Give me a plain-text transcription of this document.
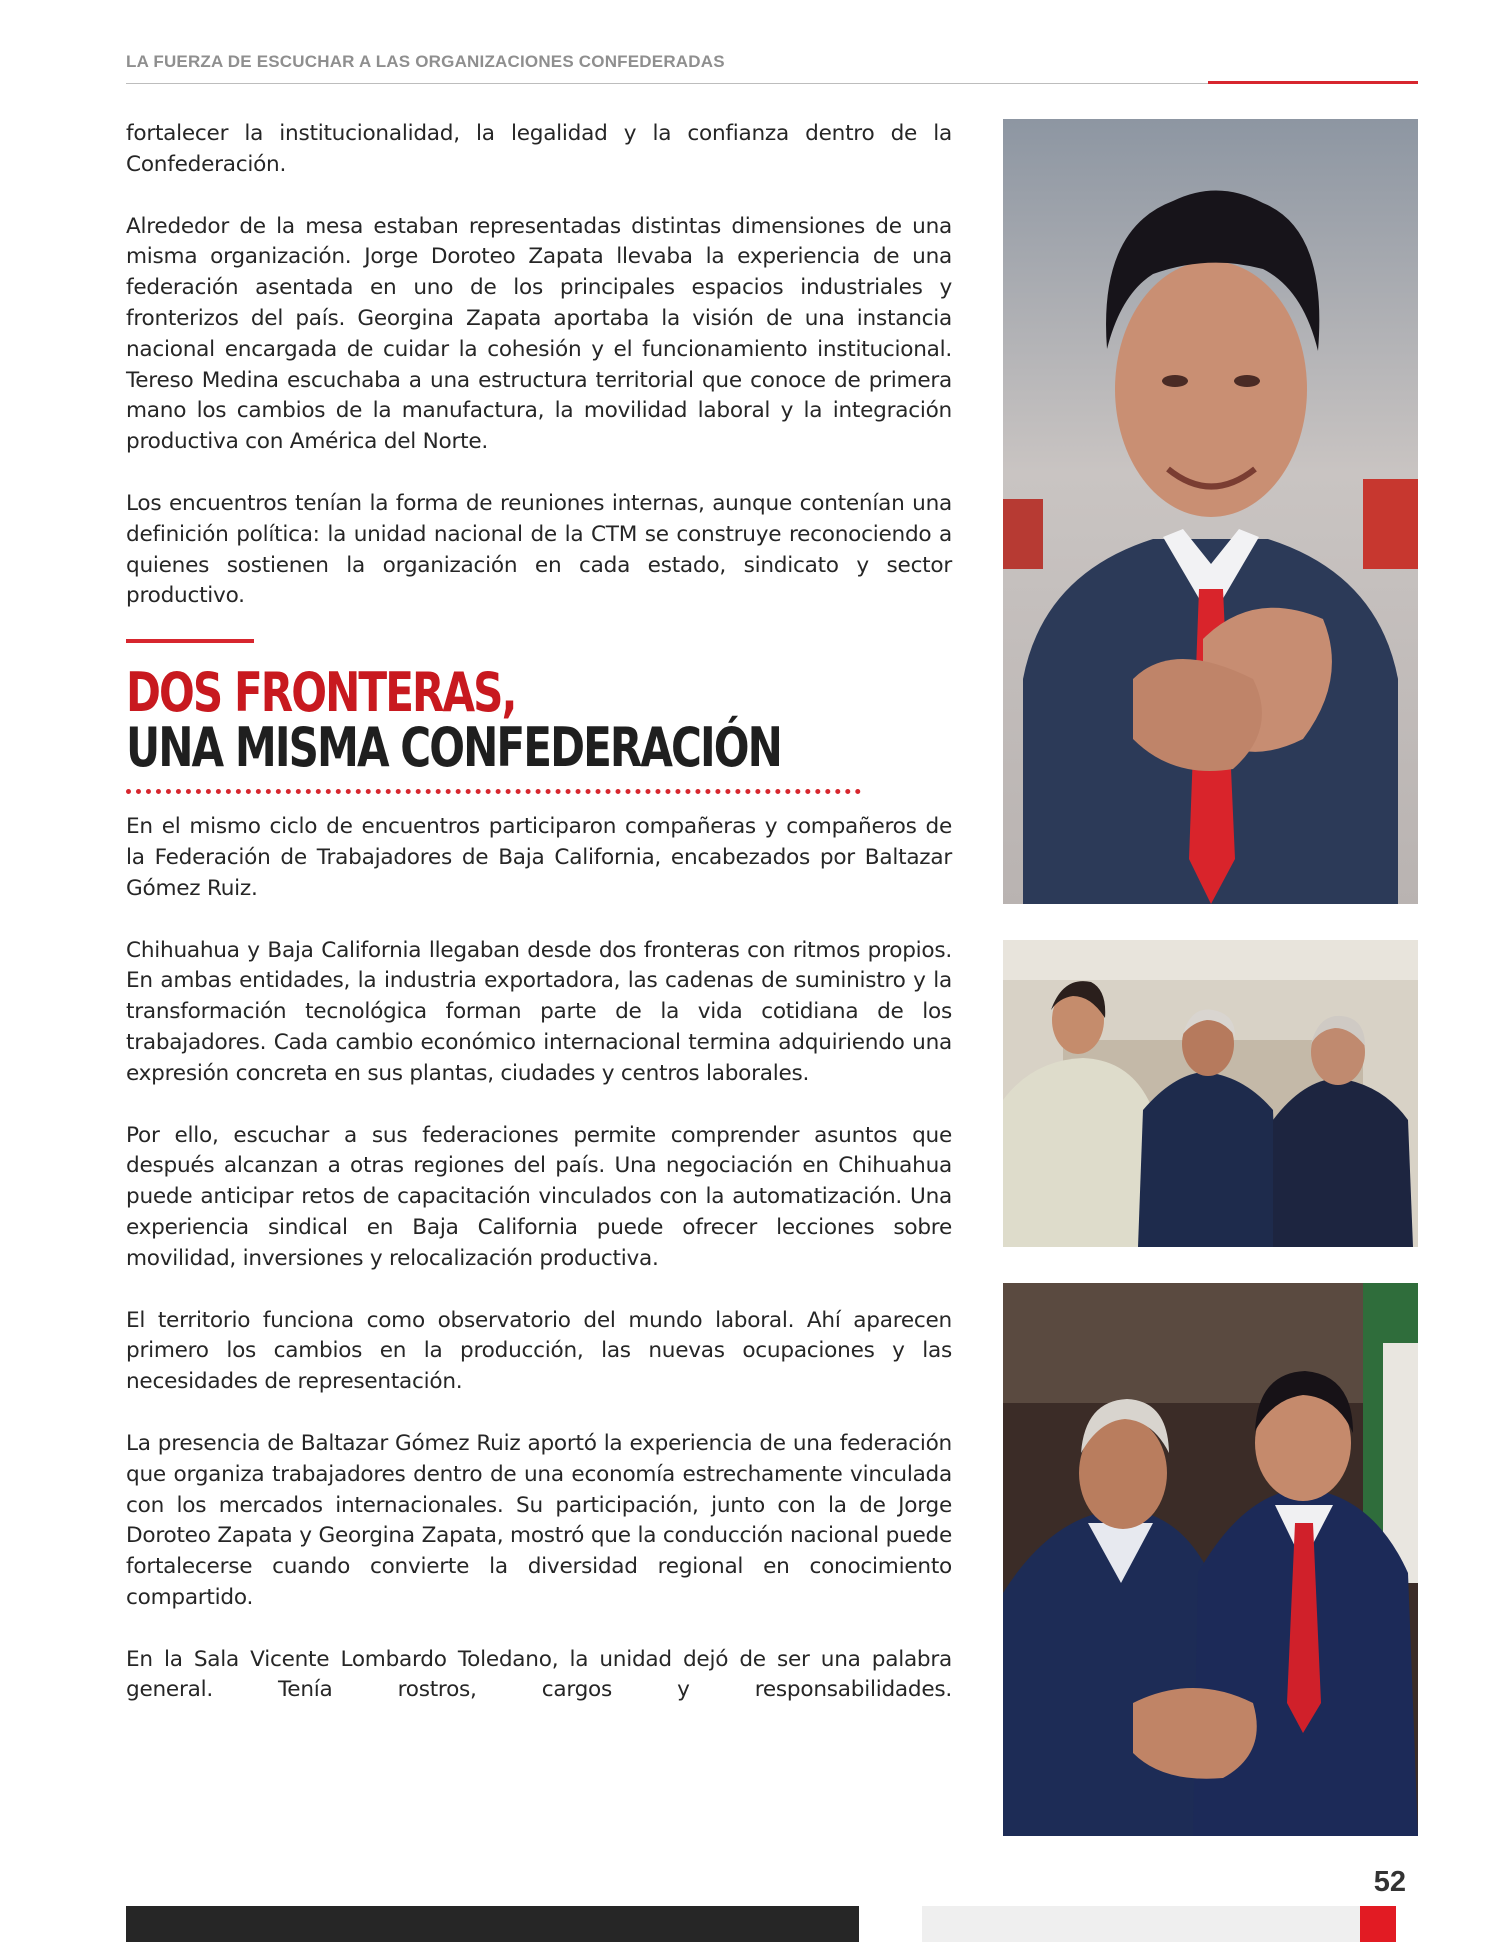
LA FUERZA DE ESCUCHAR A LAS ORGANIZACIONES CONFEDERADAS

fortalecer la institucionalidad, la legalidad y la confianza dentro de la Confederación.

Alrededor de la mesa estaban representadas distintas dimensiones de una misma organización. Jorge Doroteo Zapata llevaba la experiencia de una federación asentada en uno de los principales espacios industriales y fronterizos del país. Georgina Zapata aportaba la visión de una instancia nacional encargada de cuidar la cohesión y el funcionamiento institucional. Tereso Medina escuchaba a una estructura territorial que conoce de primera mano los cambios de la manufactura, la movilidad laboral y la integración productiva con América del Norte.

Los encuentros tenían la forma de reuniones internas, aunque contenían una definición política: la unidad nacional de la CTM se construye reconociendo a quienes sostienen la organización en cada estado, sindicato y sector productivo.

DOS FRONTERAS,
UNA MISMA CONFEDERACIÓN

En el mismo ciclo de encuentros participaron compañeras y compañeros de la Federación de Trabajadores de Baja California, encabezados por Baltazar Gómez Ruiz.

Chihuahua y Baja California llegaban desde dos fronteras con ritmos propios. En ambas entidades, la industria exportadora, las cadenas de suministro y la transformación tecnológica forman parte de la vida cotidiana de los trabajadores. Cada cambio económico internacional termina adquiriendo una expresión concreta en sus plantas, ciudades y centros laborales.

Por ello, escuchar a sus federaciones permite comprender asuntos que después alcanzan a otras regiones del país. Una negociación en Chihuahua puede anticipar retos de capacitación vinculados con la automatización. Una experiencia sindical en Baja California puede ofrecer lecciones sobre movilidad, inversiones y relocalización productiva.

El territorio funciona como observatorio del mundo laboral. Ahí aparecen primero los cambios en la producción, las nuevas ocupaciones y las necesidades de representación.

La presencia de Baltazar Gómez Ruiz aportó la experiencia de una federación que organiza trabajadores dentro de una economía estrechamente vinculada con los mercados internacionales. Su participación, junto con la de Jorge Doroteo Zapata y Georgina Zapata, mostró que la conducción nacional puede fortalecerse cuando convierte la diversidad regional en conocimiento compartido.

En la Sala Vicente Lombardo Toledano, la unidad dejó de ser una palabra general. Tenía rostros, cargos y responsabilidades.

52
